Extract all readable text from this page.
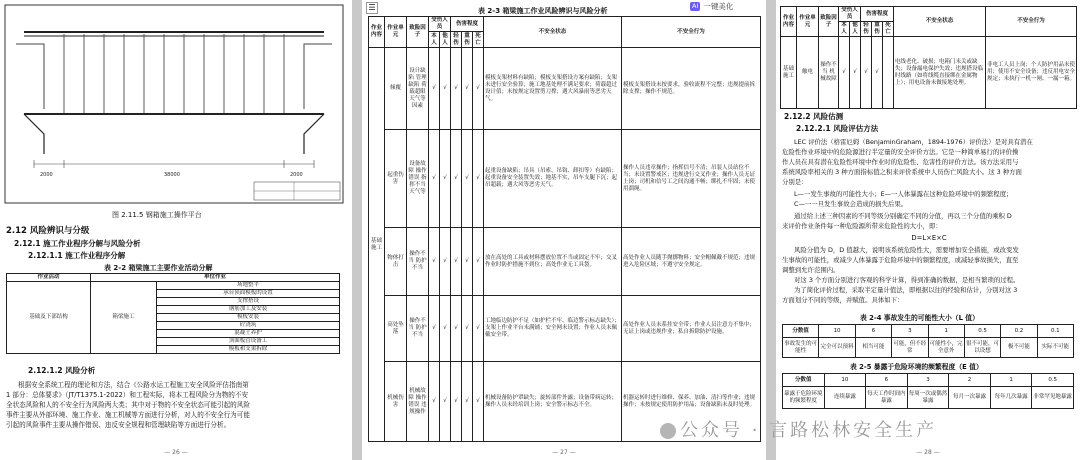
2000	38000	2000
图 2.11.5 钢箱施工操作平台
2.12 风险辨识与分级
2.12.1 施工作业程序分解与风险分析
2.12.1.1 施工作业程序分解
表 2-2 箱梁施工主要作业活动分解
作业活动	单位作业	
基础及下部结构	箱梁施工	场地整平
		承台顶面模板的设置
		支撑搭设
		钢筋加工及安装
		模板安装
		砼浇筑
		混凝土养护
		顶面板管设备工
		模板和支架拆除
2.12.1.2 风险分析
根据安全系统工程的理论和方法，结合《公路水运工程施工安全风险评估指南第
1 部分：总体要求》（JT/T1375.1-2022）和工程实际，将本工程风险分为物的不安
全状态风险和人的不安全行为风险两大类；其中对于物的不安全状态可能引起的风险
事件主要从外部环境、施工作业、施工机械等方面进行分析，对人的不安全行为可能
引起的风险事件主要从操作错误、违反安全规程和管理缺陷等方面进行分析。
— 26 —
☰	表 2-3 箱梁施工作业风险辨识与风险分析
作业内容	作业单元	致险因子	受伤人员		伤害程度			不安全状态	不安全行为
			本人	他人	轻伤	重伤	死亡		
基础施工	倾覆	设计缺陷 管理缺陷 荷载超限 天气等因素	√	√	√	√	√	模板支架材料有缺陷；模板支架搭设方案有缺陷；支架未进行安全验算；施工地基处理不满足要求；荷载超过设计值；未按规定设置剪刀撑；遇大风暴雨等恶劣天气。	模板支架搭设未按要求，验收流程不完整；违规提前拆除支撑；操作不规范。
	起重伤害	设备故障 操作错误 指挥不当 天气等	√	√	√	√	√	起重设备缺陷；吊具（吊索、吊钩、卸扣等）有缺陷；起重设备安全装置失效；地基不实，吊车支腿下沉；起吊超载；遇大风等恶劣天气。	操作人员违章操作；指挥信号不清；吊装人员站位不当；未设置警戒区；违规进行交叉作业；操作人员无证上岗；司机和信号工之间沟通不畅；绑扎不牢固；未使用溜绳。
	物体打击	操作不当 防护不当	√	√	√	√	√	放在高处的工具或材料摆放位置不当或固定不牢；交叉作业时防护措施不到位；高处作业无工具袋。	高处作业人员随手抛掷物料；安全帽佩戴不规范；违规进入危险区域；不遵守安全规定。
	高处坠落	操作不当 防护不当	√	√	√	√	√	工地临边防护不足（如护栏不牢、临边警示标志缺失）；支架上作业平台未满铺；安全网未设置；作业人员未佩戴安全带。	高处作业人员未系挂安全带；作业人员注意力不集中；无证上岗或违规作业；私自拆除防护设施。
	机械伤害	机械故障 操作错误 违规操作	√	√	√	√	√	机械设备防护罩缺失；旋转部件外露；设备带病运转；操作人员未经培训上岗；安全警示标志不全。	机器运转时进行维修、保养、加油、清扫等作业；违规操作；未按规定使用防护用品；设备缺陷未及时处理。
— 27 —
AI 一键美化
作业内容	作业单元	致险因子	受伤人员		伤害程度			不安全状态	不安全行为
			本人	他人	轻伤	重伤	死亡		
基础施工	触电	操作不当 机械故障	√	√	√	√		电线老化、破损；电箱门未关或缺失；设备漏电保护失效；违规搭设临时线路（如将线缆直接绑在金属物上）；用电设备未做接地处理。	非电工人员上岗；个人防护用品未使用；使用不安全设备；违反用电安全规定；未执行一机一闸、一漏一箱。
2.12.2 风险估测
2.12.2.1 风险评估方法
LEC 评价法（格雷厄姆（BenjaminGraham，1894-1976）评价法）是对具有潜在
危险性作业环境中的危险源进行半定量的安全评价方法。它是一种简单易行的评价操
作人员在具有潜在危险性环境中作业时的危险性、危害性的评价方法。该方法采用与
系统风险率相关的 3 种方面指标值之积来评价系统中人员伤亡风险大小。这 3 种方面
分别是：
L—一发生事故的可能性大小；E—一人体暴露在这种危险环境中的频繁程度；
C—一一旦发生事故会造成的损失后果。
通过给上述三种因素的不同等级分别确定不同的分值，再以三个分值的乘积 D
来评价作业条件每一种危险源所带来危险性的大小，即：
D=L×E×C
风险分值为 D，D 值越大，说明该系统危险性大，需要增加安全措施，或改变发
生事故的可能性，或减少人体暴露于危险环境中的频繁程度，或减轻事故损失，直至
调整到允许范围内。
对这 3 个方面分别进行客观的科学计算，得到准确的数据，是相当繁琐的过程。
为了简化评价过程，采取半定量计值法，即根据以往的经验和估计，分别对这 3
方面划分不同的等级，并赋值。具体如下：
表 2-4 事故发生的可能性大小（L 值）
分数值	10	6	3	1	0.5	0.2	0.1
事故发生的可能性	完全可以预料	相当可能	可能，但不经常	可能性小，完全意外	很不可能，可以设想	极不可能	实际不可能
表 2-5 暴露于危险环境的频繁程度（E 值）
分数值	10	6	3	2	1	0.5
暴露于危险环境的频繁程度	连续暴露	每天工作时间内暴露	每周一次或偶然暴露	每月一次暴露	每年几次暴露	非常罕见地暴露
— 28 —
公众号 · 言路松林安全生产
